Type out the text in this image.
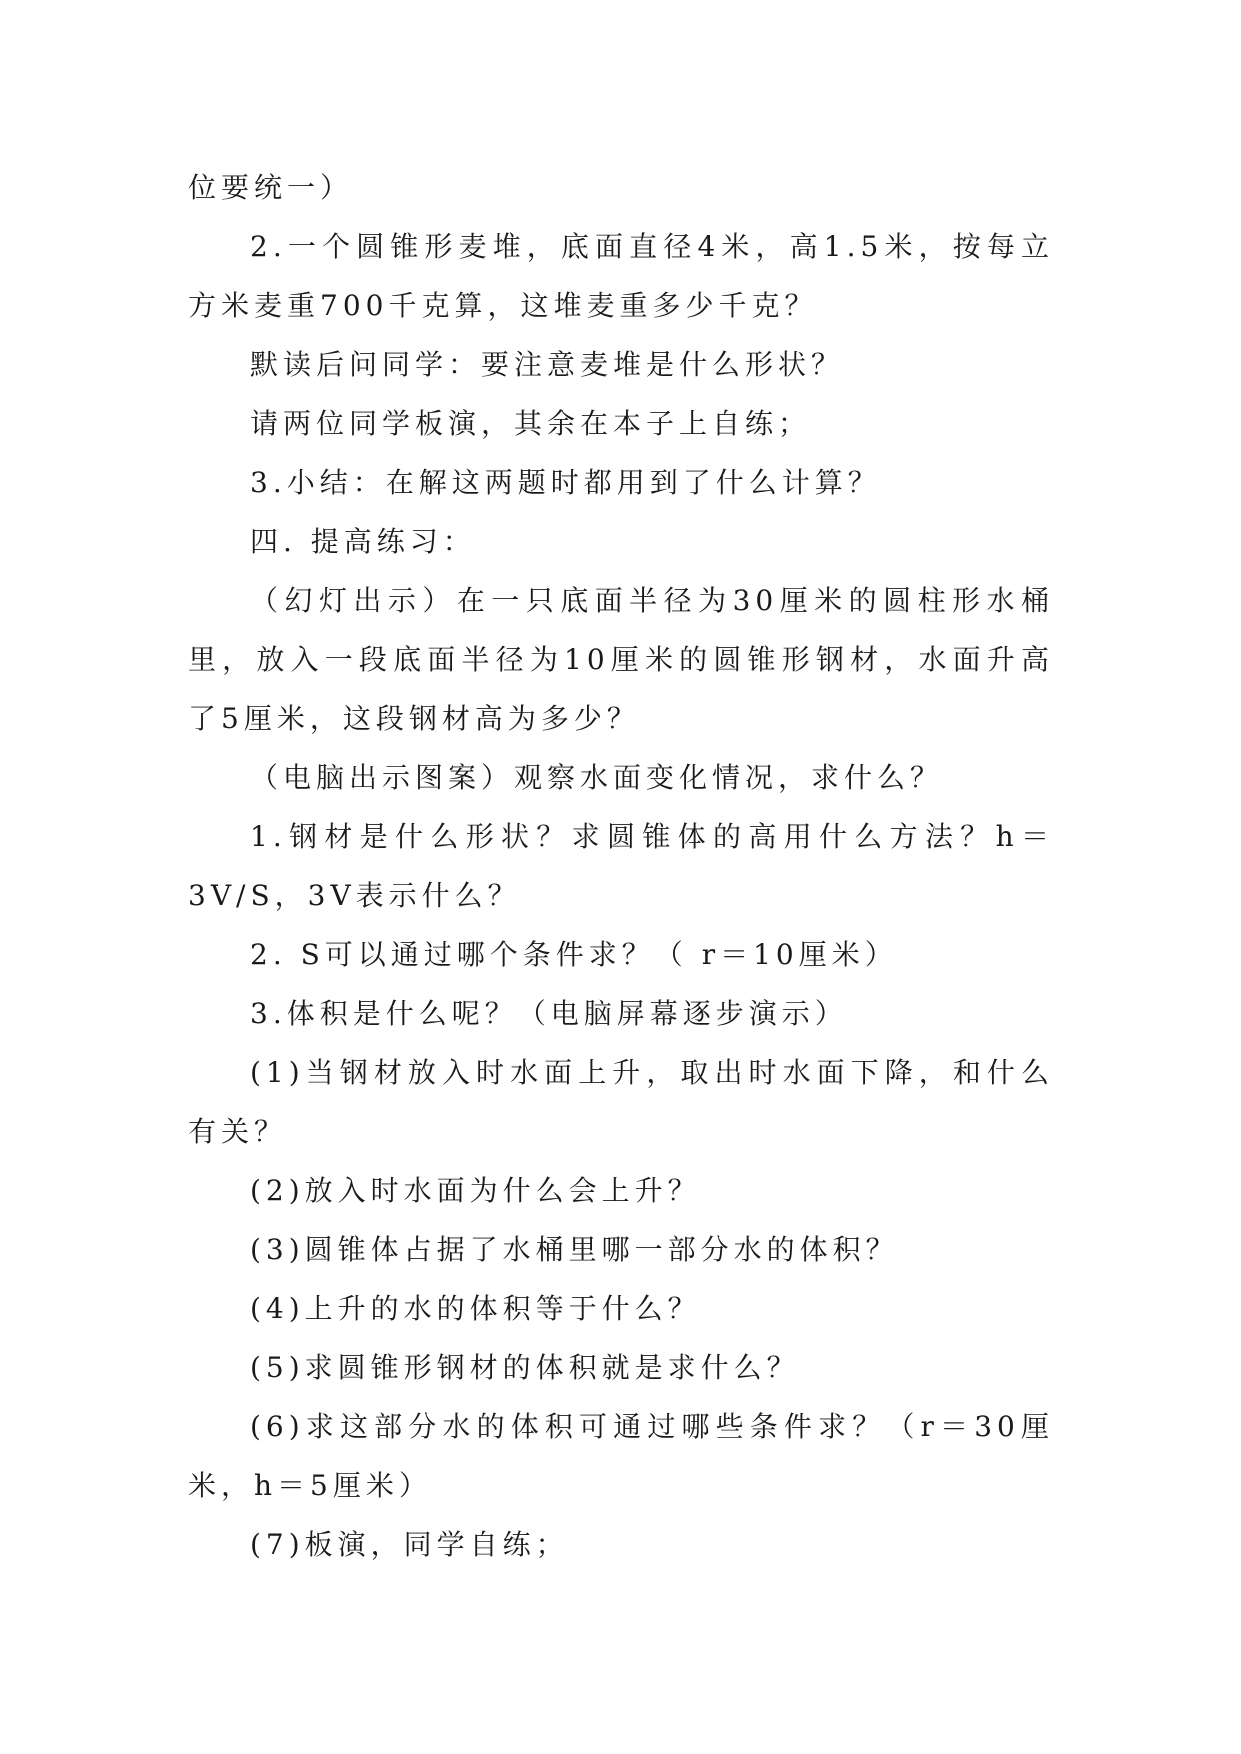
位要统一）

2.一个圆锥形麦堆，底面直径4米，高1.5米，按每立方米麦重700千克算，这堆麦重多少千克？

默读后问同学：要注意麦堆是什么形状？

请两位同学板演，其余在本子上自练；

3.小结：在解这两题时都用到了什么计算？

四. 提高练习：

（幻灯出示）在一只底面半径为30厘米的圆柱形水桶里，放入一段底面半径为10厘米的圆锥形钢材，水面升高了5厘米，这段钢材高为多少？

（电脑出示图案）观察水面变化情况，求什么？

1.钢材是什么形状？求圆锥体的高用什么方法？h＝3V/S，3V表示什么？

2. S可以通过哪个条件求？（ r＝10厘米）

3.体积是什么呢？（电脑屏幕逐步演示）

(1)当钢材放入时水面上升，取出时水面下降，和什么有关？

(2)放入时水面为什么会上升？

(3)圆锥体占据了水桶里哪一部分水的体积？

(4)上升的水的体积等于什么？

(5)求圆锥形钢材的体积就是求什么？

(6)求这部分水的体积可通过哪些条件求？（r＝30厘米，h＝5厘米）

(7)板演，同学自练；
